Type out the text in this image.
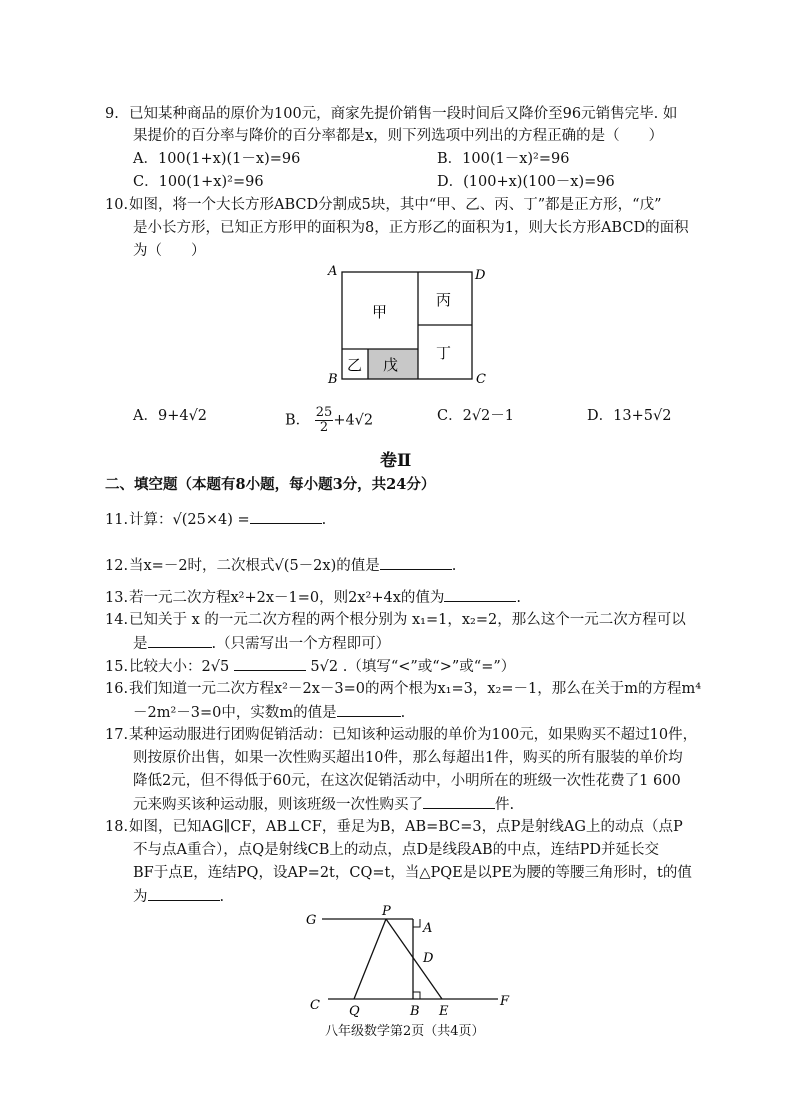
9. 已知某种商品的原价为100元，商家先提价销售一段时间后又降价至96元销售完毕. 如
果提价的百分率与降价的百分率都是x，则下列选项中列出的方程正确的是（　　）
A．100(1+x)(1－x)=96	B．100(1－x)²=96
C．100(1+x)²=96	D．(100+x)(100－x)=96
10.如图，将一个大长方形ABCD分割成5块，其中“甲、乙、丙、丁”都是正方形，“戊”
是小长方形，已知正方形甲的面积为8，正方形乙的面积为1，则大长方形ABCD的面积
为（　　）
A	D
B	C
甲
丙
丁
乙 戊
A．9+4√2	B． $\frac{25}{2} +4√2$	C．2√2－1	D．13+5√2
卷Ⅱ
二、填空题（本题有8小题，每小题3分，共24分）
11.计算：√(25×4) =	.
12.当x=－2时，二次根式√(5－2x)的值是	.
13.若一元二次方程x²+2x－1=0，则2x²+4x的值为	.
14.已知关于 x 的一元二次方程的两个根分别为 x₁=1，x₂=2，那么这个一元二次方程可以
是	.（只需写出一个方程即可）
15.比较大小：2√5	5√2 .（填写“<”或“>”或“=”）
16.我们知道一元二次方程x²－2x－3=0的两个根为x₁=3，x₂=－1，那么在关于m的方程m⁴
－2m²－3=0中，实数m的值是	.
17.某种运动服进行团购促销活动：已知该种运动服的单价为100元，如果购买不超过10件，
则按原价出售，如果一次性购买超出10件，那么每超出1件，购买的所有服装的单价均
降低2元，但不得低于60元，在这次促销活动中，小明所在的班级一次性花费了1 600
元来购买该种运动服，则该班级一次性购买了	件.
18.如图，已知AG∥CF，AB⊥CF，垂足为B，AB=BC=3，点P是射线AG上的动点（点P
不与点A重合），点Q是射线CB上的动点，点D是线段AB的中点，连结PD并延长交
BF于点E，连结PQ，设AP=2t，CQ=t，当△PQE是以PE为腰的等腰三角形时，t的值
为	.
G
P
A
D
C Q	B E
F
八年级数学第2页（共4页）
